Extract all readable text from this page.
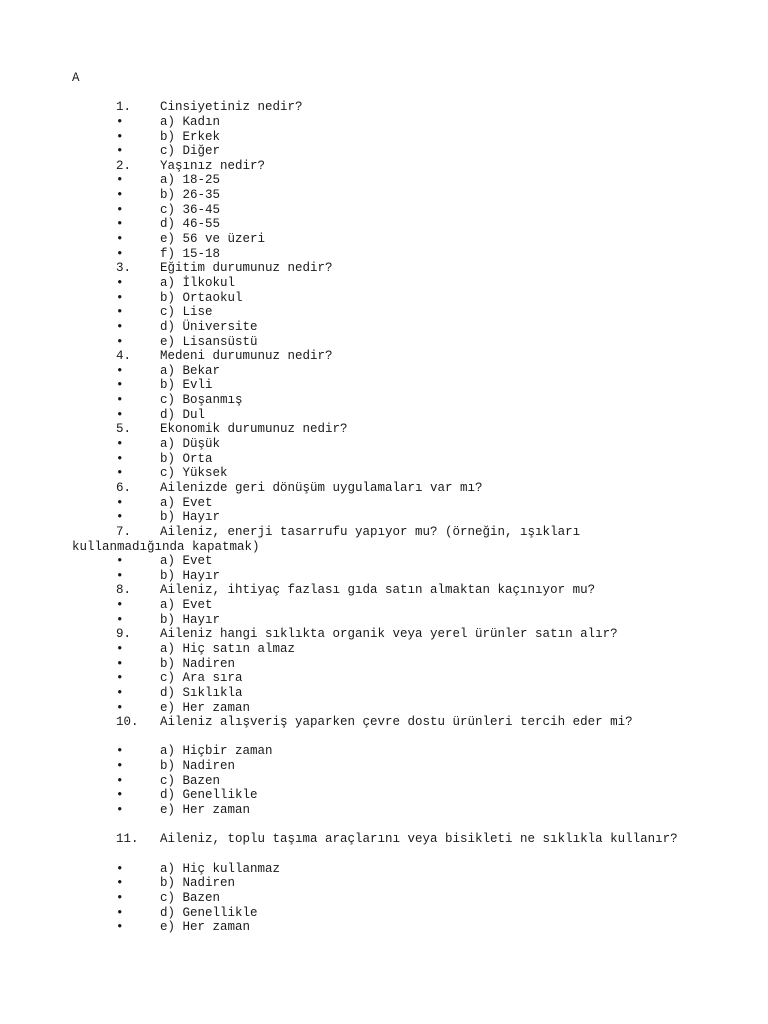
A
1. Cinsiyetiniz nedir?
•	a) Kadın
•	b) Erkek
•	c) Diğer
2. Yaşınız nedir?
•	a) 18-25
•	b) 26-35
•	c) 36-45
•	d) 46-55
•	e) 56 ve üzeri
•	f) 15-18
3. Eğitim durumunuz nedir?
•	a) İlkokul
•	b) Ortaokul
•	c) Lise
•	d) Üniversite
•	e) Lisansüstü
4. Medeni durumunuz nedir?
•	a) Bekar
•	b) Evli
•	c) Boşanmış
•	d) Dul
5. Ekonomik durumunuz nedir?
•	a) Düşük
•	b) Orta
•	c) Yüksek
6. Ailenizde geri dönüşüm uygulamaları var mı?
•	a) Evet
•	b) Hayır
7. Aileniz, enerji tasarrufu yapıyor mu? (örneğin, ışıkları
kullanmadığında kapatmak)
•	a) Evet
•	b) Hayır
8. Aileniz, ihtiyaç fazlası gıda satın almaktan kaçınıyor mu?
•	a) Evet
•	b) Hayır
9. Aileniz hangi sıklıkta organik veya yerel ürünler satın alır?
•	a) Hiç satın almaz
•	b) Nadiren
•	c) Ara sıra
•	d) Sıklıkla
•	e) Her zaman
10. Aileniz alışveriş yaparken çevre dostu ürünleri tercih eder mi?
•	a) Hiçbir zaman
•	b) Nadiren
•	c) Bazen
•	d) Genellikle
•	e) Her zaman
11. Aileniz, toplu taşıma araçlarını veya bisikleti ne sıklıkla kullanır?
•	a) Hiç kullanmaz
•	b) Nadiren
•	c) Bazen
•	d) Genellikle
•	e) Her zaman
